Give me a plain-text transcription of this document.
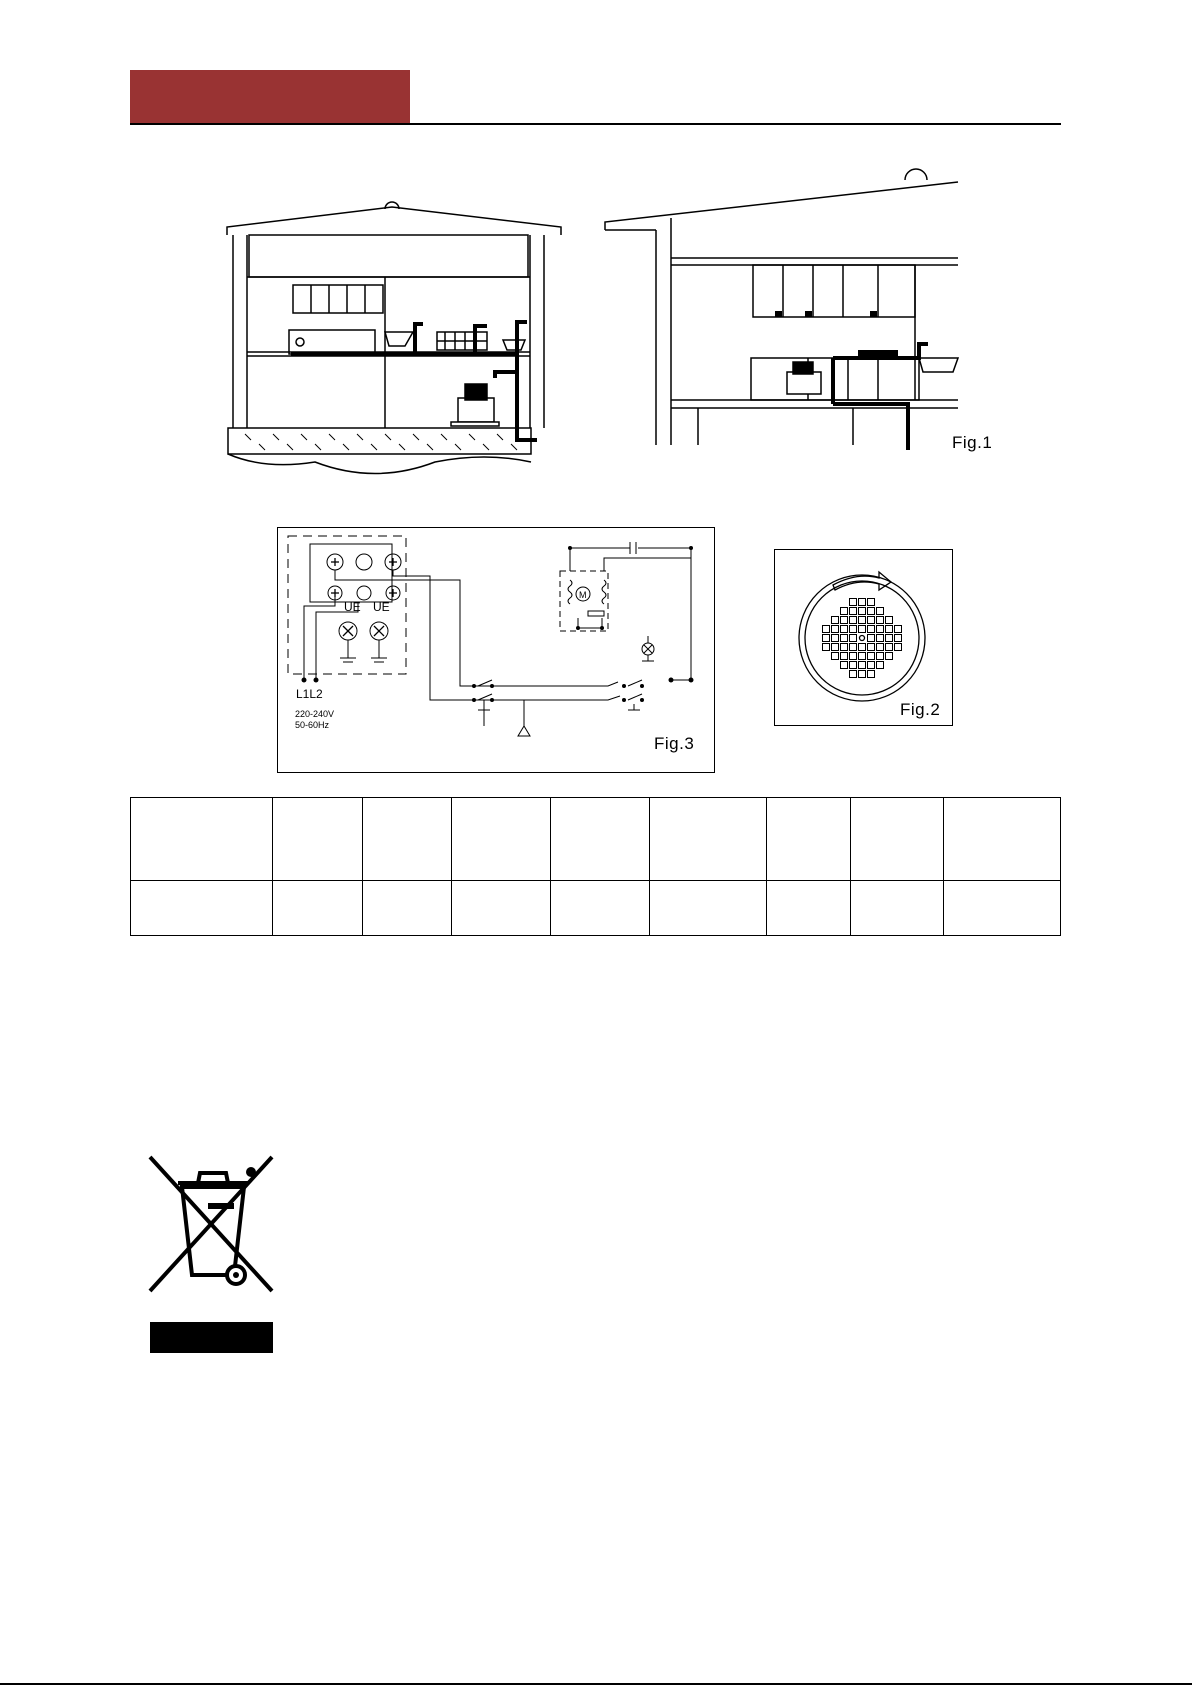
Fig.1
UE UE
M
L1L2
220-240V
50-60Hz
Fig.3
Fig.2
